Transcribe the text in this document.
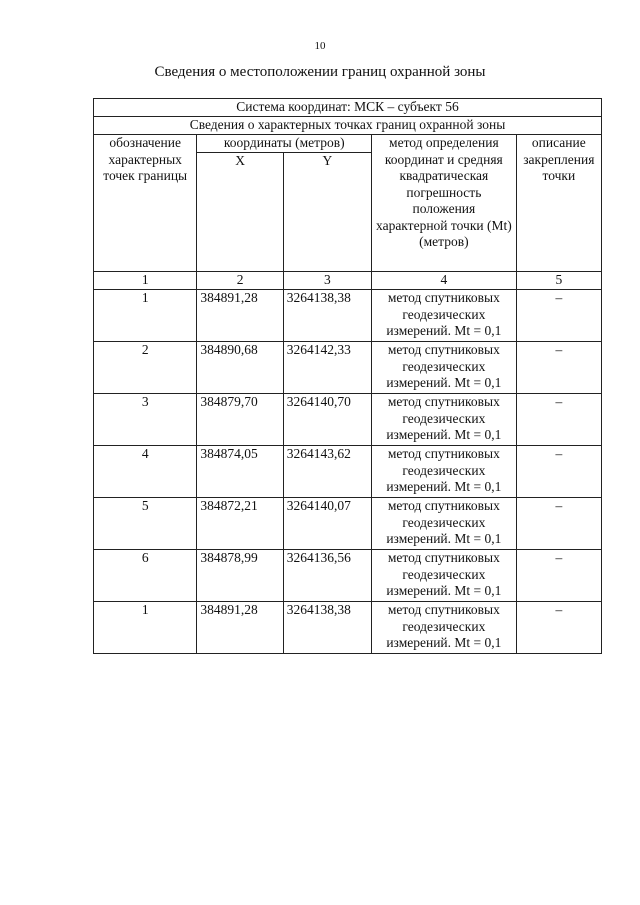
10
Сведения о местоположении границ охранной зоны
Система координат: МСК – субъект 56				
Сведения о характерных точках границ охранной зоны				
обозначение характерных точек границы	координаты (метров)		метод определения координат и средняя квадратическая погрешность положения характерной точки (Mt) (метров)	описание закрепления точки
	X	Y		
1	2	3	4	5
1	384891,28	3264138,38	метод спутниковых геодезических измерений. Mt = 0,1	–
2	384890,68	3264142,33	метод спутниковых геодезических измерений. Mt = 0,1	–
3	384879,70	3264140,70	метод спутниковых геодезических измерений. Mt = 0,1	–
4	384874,05	3264143,62	метод спутниковых геодезических измерений. Mt = 0,1	–
5	384872,21	3264140,07	метод спутниковых геодезических измерений. Mt = 0,1	–
6	384878,99	3264136,56	метод спутниковых геодезических измерений. Mt = 0,1	–
1	384891,28	3264138,38	метод спутниковых геодезических измерений. Mt = 0,1	–
